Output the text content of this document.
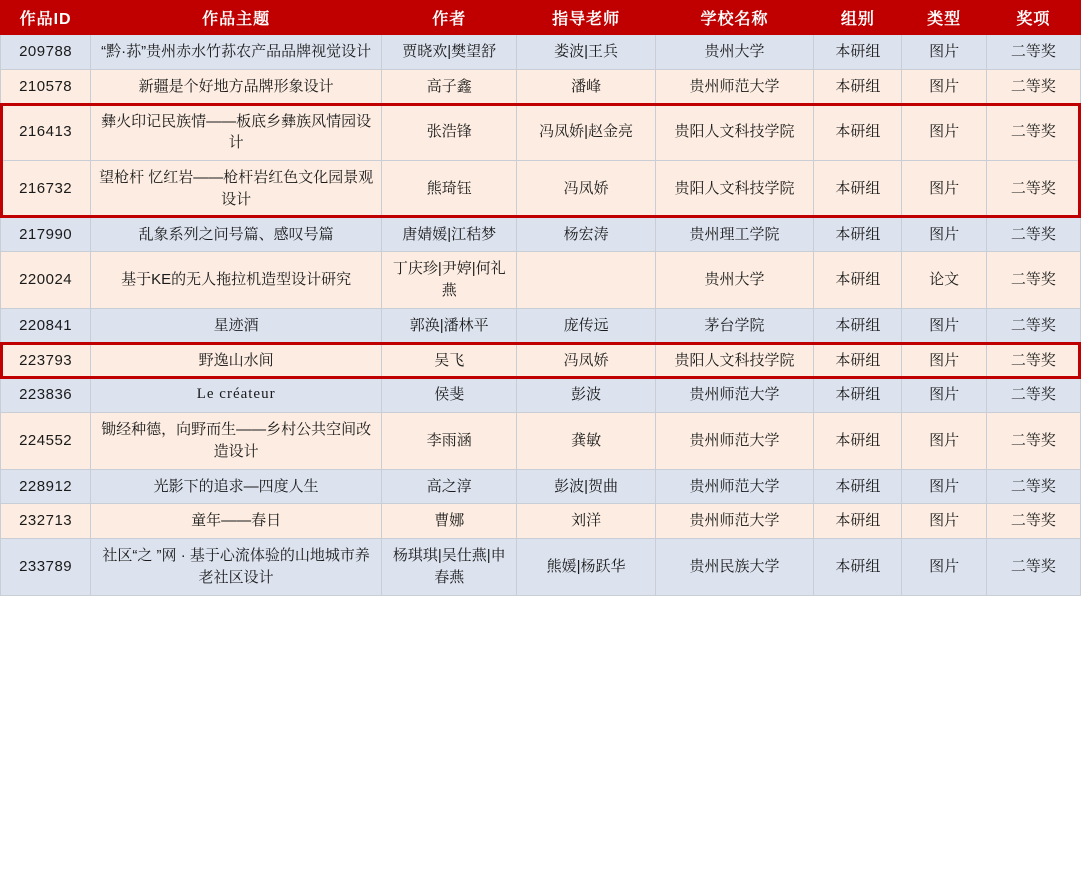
作品ID	作品主题	作者	指导老师	学校名称	组别	类型	奖项
209788	“黔·荪”贵州赤水竹荪农产品品牌视觉设计	贾晓欢|樊望舒	娄波|王兵	贵州大学	本研组	图片	二等奖
210578	新疆是个好地方品牌形象设计	高子鑫	潘峰	贵州师范大学	本研组	图片	二等奖
216413	彝火印记民族情——板底乡彝族风情园设计	张浩锋	冯凤娇|赵金亮	贵阳人文科技学院	本研组	图片	二等奖
216732	望枪杆 忆红岩——枪杆岩红色文化园景观设计	熊琦钰	冯凤娇	贵阳人文科技学院	本研组	图片	二等奖
217990	乱象系列之问号篇、感叹号篇	唐婧媛|江秸梦	杨宏涛	贵州理工学院	本研组	图片	二等奖
220024	基于KE的无人拖拉机造型设计研究	丁庆珍|尹婷|何礼燕		贵州大学	本研组	论文	二等奖
220841	星迹酒	郭涣|潘林平	庞传远	茅台学院	本研组	图片	二等奖
223793	野逸山水间	吴飞	冯凤娇	贵阳人文科技学院	本研组	图片	二等奖
223836	Le créateur	侯斐	彭波	贵州师范大学	本研组	图片	二等奖
224552	锄经种德，向野而生——乡村公共空间改造设计	李雨涵	龚敏	贵州师范大学	本研组	图片	二等奖
228912	光影下的追求—四度人生	高之淳	彭波|贺曲	贵州师范大学	本研组	图片	二等奖
232713	童年——春日	曹娜	刘洋	贵州师范大学	本研组	图片	二等奖
233789	社区“之 ”网 · 基于心流体验的山地城市养老社区设计	杨琪琪|吴仕燕|申春燕	熊媛|杨跃华	贵州民族大学	本研组	图片	二等奖
